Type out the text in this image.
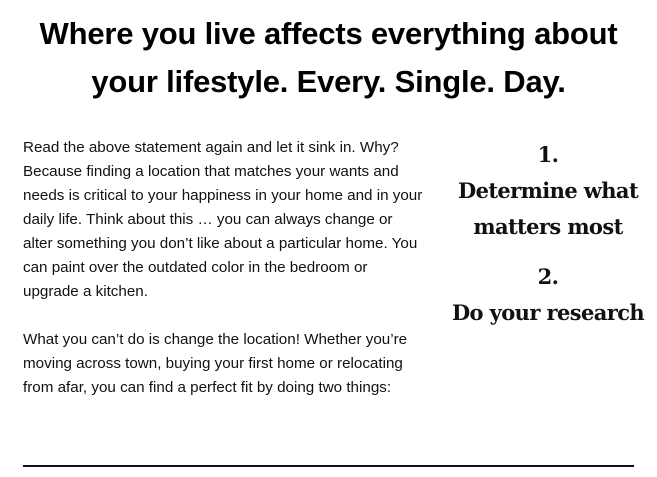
Where you live affects everything about your lifestyle. Every. Single. Day.

Read the above statement again and let it sink in. Why? Because finding a location that matches your wants and needs is critical to your happiness in your home and in your daily life. Think about this … you can always change or alter something you don’t like about a particular home. You can paint over the outdated color in the bedroom or upgrade a kitchen.

What you can’t do is change the location! Whether you’re moving across town, buying your first home or relocating from afar, you can find a perfect fit by doing two things:

1.
Determine what matters most
2.
Do your research
